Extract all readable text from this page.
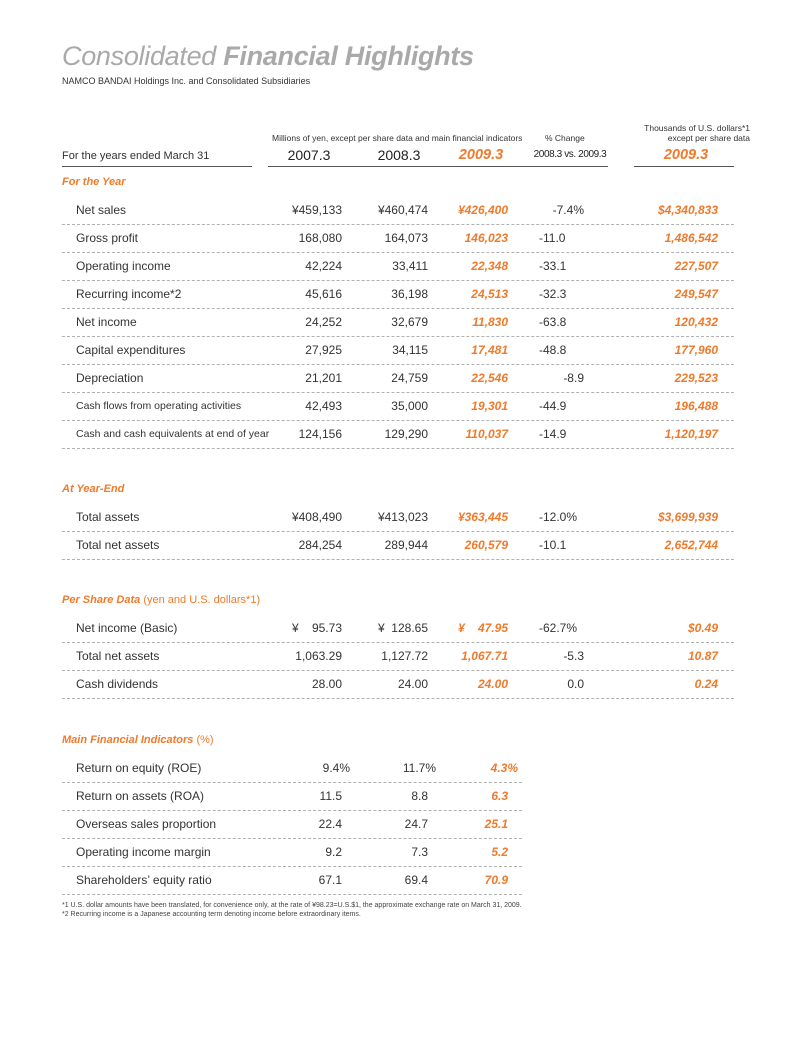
Consolidated Financial Highlights
NAMCO BANDAI Holdings Inc. and Consolidated Subsidiaries
Millions of yen, except per share data and main financial indicators	% Change
Thousands of U.S. dollars*1
except per share data
For the years ended March 31	2007.3	2008.3	2009.3	2008.3 vs. 2009.3	2009.3
For the Year
Net sales	¥459,133	¥460,474 ¥426,400	-7.4%	$4,340,833
Gross profit	168,080	164,073	146,023	-11.0	1,486,542
Operating income	42,224	33,411	22,348	-33.1	227,507
Recurring income*2	45,616	36,198	24,513	-32.3	249,547
Net income	24,252	32,679	11,830	-63.8	120,432
Capital expenditures	27,925	34,115	17,481	-48.8	177,960
Depreciation	21,201	24,759	22,546	-8.9	229,523
Cash flows from operating activities	42,493	35,000	19,301	-44.9	196,488
Cash and cash equivalents at end of year 124,156	129,290	110,037	-14.9	1,120,197
At Year-End
Total assets	¥408,490	¥413,023 ¥363,445	-12.0%	$3,699,939
Total net assets	284,254	289,944	260,579	-10.1	2,652,744
Per Share Data (yen and U.S. dollars*1)
Net income (Basic)	¥    95.73	¥  128.65 ¥    47.95	-62.7%	$0.49
Total net assets	1,063.29	1,127.72	1,067.71	-5.3	10.87
Cash dividends	28.00	24.00	24.00	0.0	0.24
Main Financial Indicators (%)
Return on equity (ROE)	9.4%	11.7%	4.3%
Return on assets (ROA)	11.5	8.8	6.3
Overseas sales proportion	22.4	24.7	25.1
Operating income margin	9.2	7.3	5.2
Shareholders’ equity ratio	67.1	69.4	70.9
*1 U.S. dollar amounts have been translated, for convenience only, at the rate of ¥98.23=U.S.$1, the approximate exchange rate on March 31, 2009.
*2 Recurring income is a Japanese accounting term denoting income before extraordinary items.
